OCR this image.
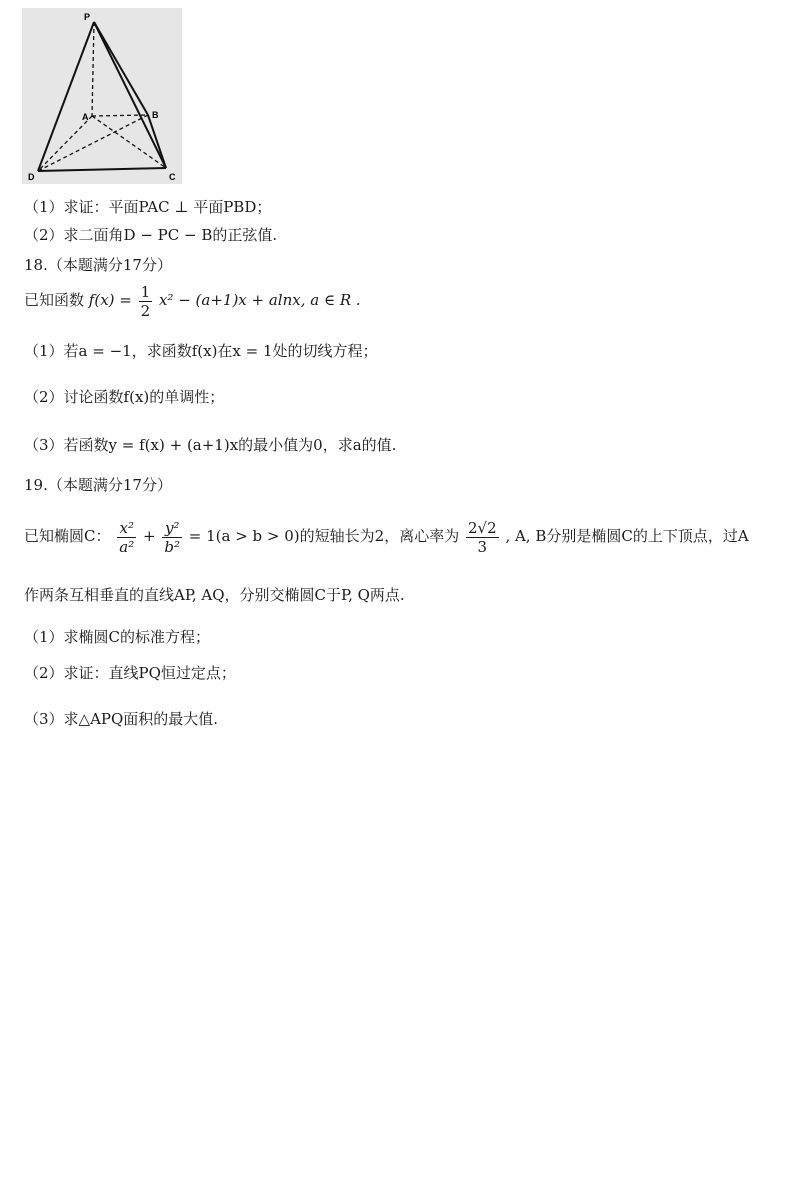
P
A	B
C
D
（1）求证：平面PAC ⊥ 平面PBD；
（2）求二面角D − PC − B的正弦值.
18.（本题满分17分）
已知函数 $f(x) = \frac{1}{2} x^2 - (a+1)x + alnx$, a ∈ R .
（1）若a = −1，求函数f(x)在x = 1处的切线方程；
（2）讨论函数f(x)的单调性；
（3）若函数y = f(x) + (a+1)x的最小值为0，求a的值.
19.（本题满分17分）
已知椭圆C： $\frac{\text{x²}}{\text{a²}} + \frac{\text{y²}}{\text{b²}} = 1(a > b > 0)$的短轴长为2，离心率为 $\frac{2√2}{3}$ , A, B分别是椭圆C的上下顶点，过A
作两条互相垂直的直线AP, AQ，分别交椭圆C于P, Q两点.
（1）求椭圆C的标准方程；
（2）求证：直线PQ恒过定点；
（3）求△APQ面积的最大值.
